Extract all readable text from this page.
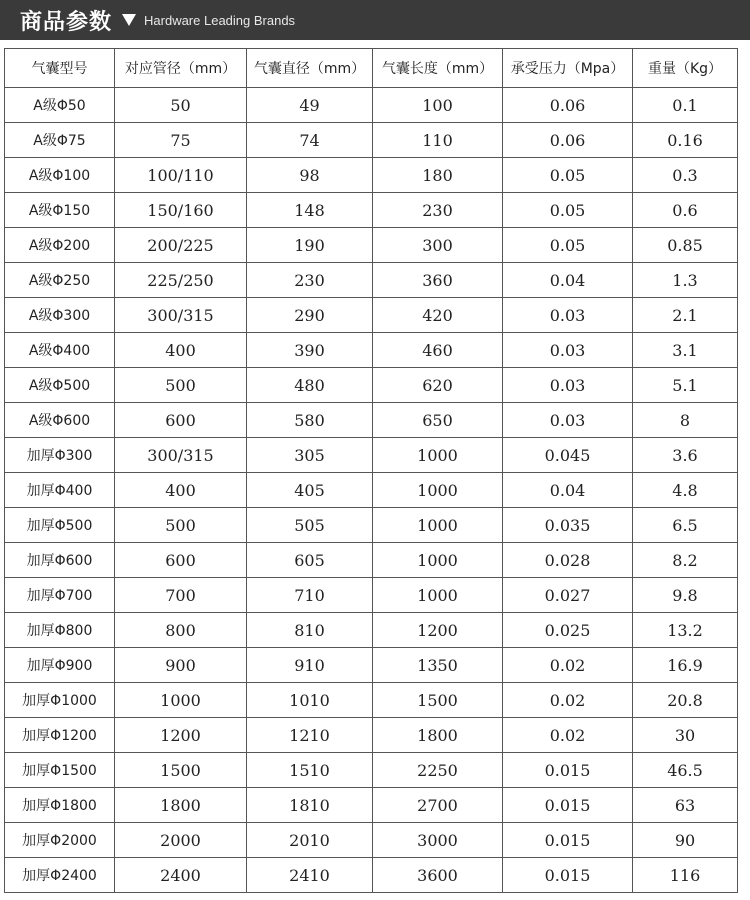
商品参数 Hardware Leading Brands
气囊型号	对应管径（mm）	气囊直径（mm）	气囊长度（mm）	承受压力（Mpa）	重量（Kg）
A级Φ50	50	49	100	0.06	0.1
A级Φ75	75	74	110	0.06	0.16
A级Φ100	100/110	98	180	0.05	0.3
A级Φ150	150/160	148	230	0.05	0.6
A级Φ200	200/225	190	300	0.05	0.85
A级Φ250	225/250	230	360	0.04	1.3
A级Φ300	300/315	290	420	0.03	2.1
A级Φ400	400	390	460	0.03	3.1
A级Φ500	500	480	620	0.03	5.1
A级Φ600	600	580	650	0.03	8
加厚Φ300	300/315	305	1000	0.045	3.6
加厚Φ400	400	405	1000	0.04	4.8
加厚Φ500	500	505	1000	0.035	6.5
加厚Φ600	600	605	1000	0.028	8.2
加厚Φ700	700	710	1000	0.027	9.8
加厚Φ800	800	810	1200	0.025	13.2
加厚Φ900	900	910	1350	0.02	16.9
加厚Φ1000	1000	1010	1500	0.02	20.8
加厚Φ1200	1200	1210	1800	0.02	30
加厚Φ1500	1500	1510	2250	0.015	46.5
加厚Φ1800	1800	1810	2700	0.015	63
加厚Φ2000	2000	2010	3000	0.015	90
加厚Φ2400	2400	2410	3600	0.015	116
